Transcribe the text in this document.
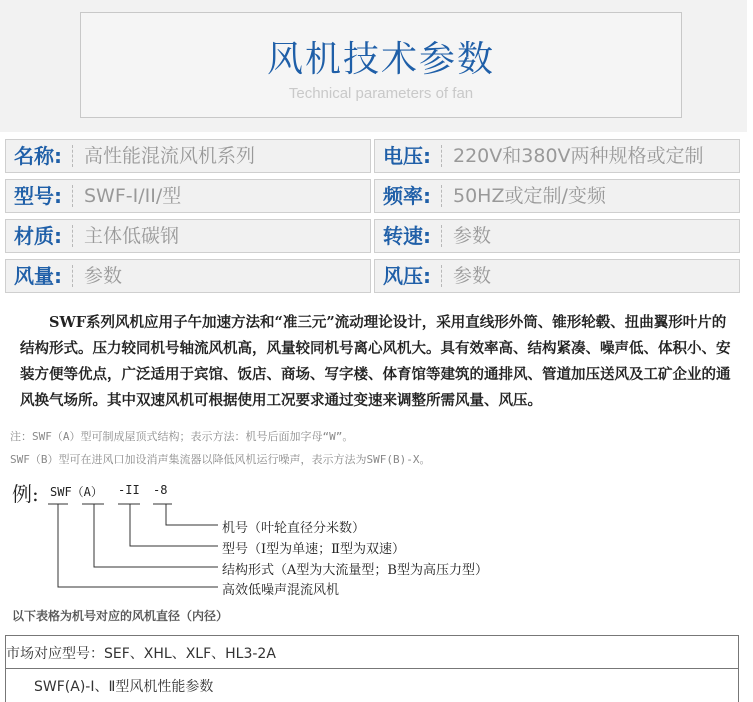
风机技术参数
Technical parameters of fan
名称: 高性能混流风机系列	电压: 220V和380V两种规格或定制
型号: SWF-I/II/型	频率: 50HZ或定制/变频
材质: 主体低碳钢	转速: 参数
风量: 参数	风压: 参数
SWF系列风机应用子午加速方法和“准三元”流动理论设计，采用直线形外筒、锥形轮毂、扭曲翼形叶片的结构形式。压力较同机号轴流风机高，风量较同机号离心风机大。具有效率高、结构紧凑、噪声低、体积小、安装方便等优点，广泛适用于宾馆、饭店、商场、写字楼、体育馆等建筑的通排风、管道加压送风及工矿企业的通风换气场所。其中双速风机可根据使用工况要求通过变速来调整所需风量、风压。
注：SWF（A）型可制成屋顶式结构；表示方法：机号后面加字母“W”。
SWF（B）型可在进风口加设消声集流器以降低风机运行噪声，表示方法为SWF(B)-X。
例: SWF（A） -II -8
机号（叶轮直径分米数）
型号（Ⅰ型为单速；Ⅱ型为双速）
结构形式（A型为大流量型；B型为高压力型）
高效低噪声混流风机
以下表格为机号对应的风机直径（内径）
市场对应型号：SEF、XHL、XLF、HL3-2A
SWF(A)-I、Ⅱ型风机性能参数
